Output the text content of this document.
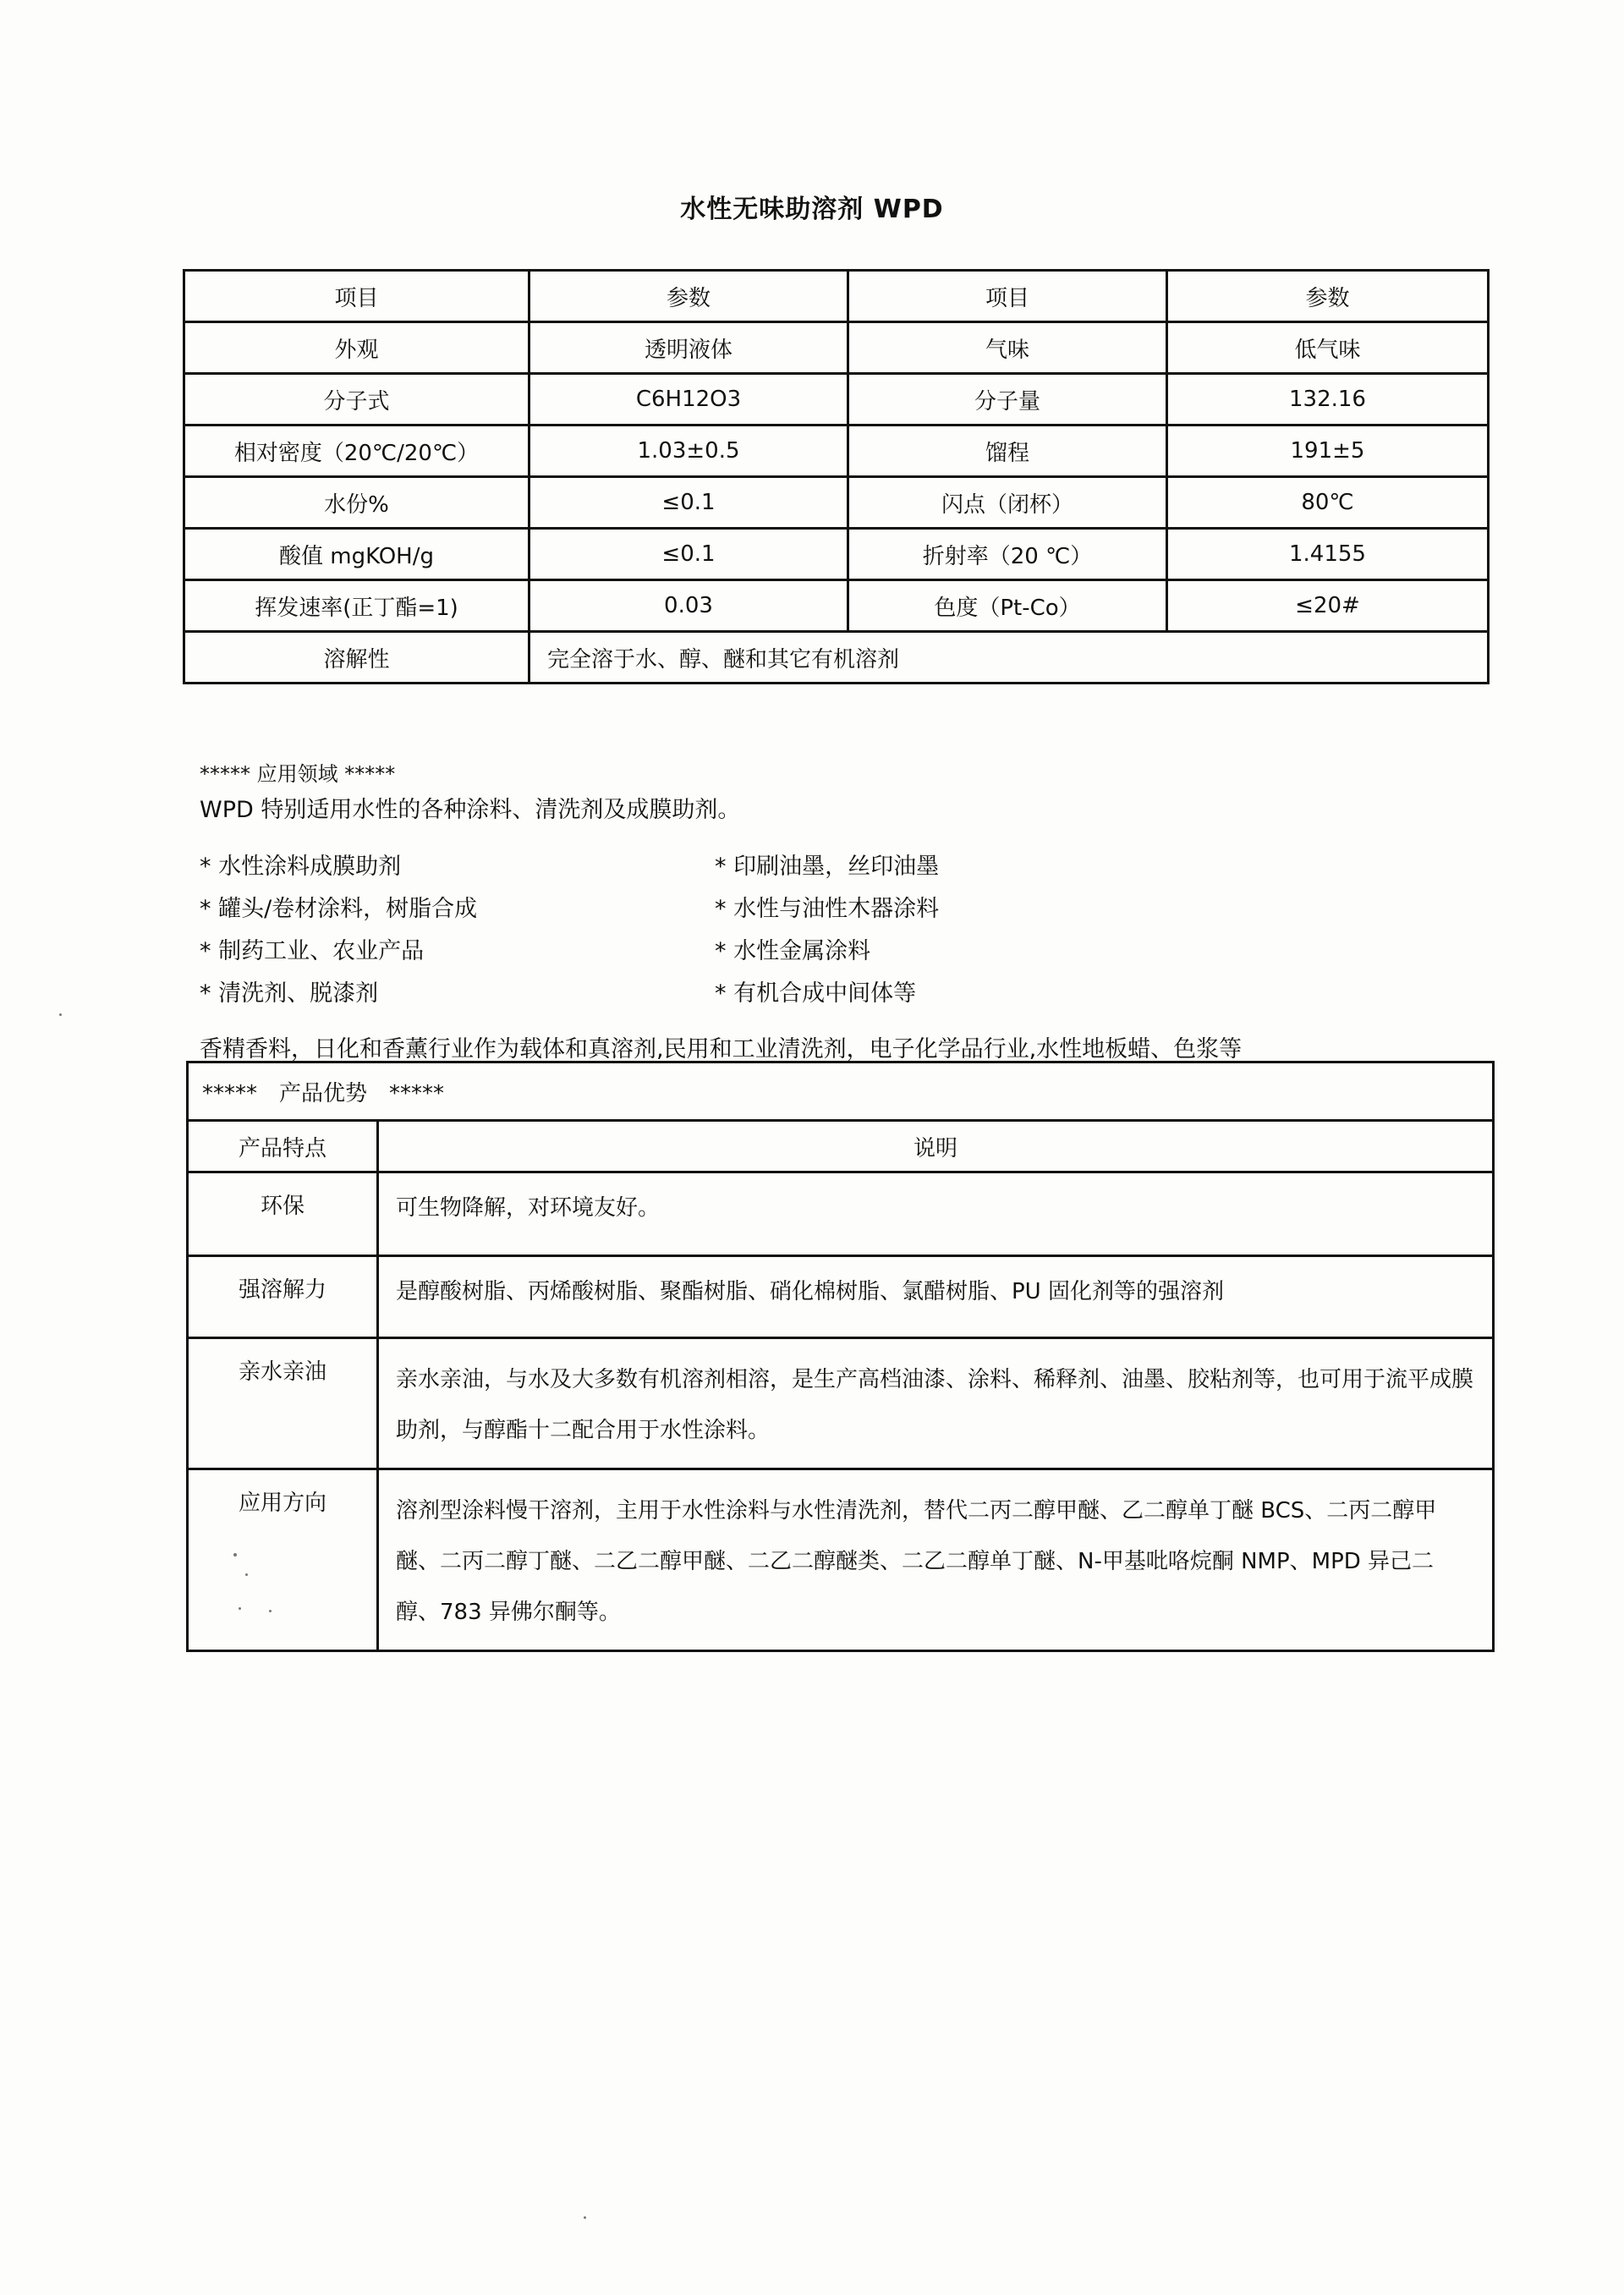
水性无味助溶剂 WPD
项目	参数	项目	参数
外观	透明液体	气味	低气味
分子式	C6H12O3	分子量	132.16
相对密度（20℃/20℃）	1.03±0.5	馏程	191±5
水份%	≤0.1	闪点（闭杯）	80℃
酸值 mgKOH/g	≤0.1	折射率（20 ℃）	1.4155
挥发速率(正丁酯=1)	0.03	色度（Pt-Co）	≤20#
溶解性	完全溶于水、醇、醚和其它有机溶剂		
***** 应用领域 *****
WPD 特别适用水性的各种涂料、清洗剂及成膜助剂。
* 水性涂料成膜助剂
* 罐头/卷材涂料，树脂合成
* 制药工业、农业产品
* 清洗剂、脱漆剂
* 印刷油墨，丝印油墨
* 水性与油性木器涂料
* 水性金属涂料
* 有机合成中间体等
香精香料，日化和香薰行业作为载体和真溶剂,民用和工业清洗剂，电子化学品行业,水性地板蜡、色浆等
*****　产品优势　*****	
产品特点	说明
环保	可生物降解，对环境友好。
强溶解力	是醇酸树脂、丙烯酸树脂、聚酯树脂、硝化棉树脂、氯醋树脂、PU 固化剂等的强溶剂
亲水亲油	亲水亲油，与水及大多数有机溶剂相溶，是生产高档油漆、涂料、稀释剂、油墨、胶粘剂等，也可用于流平成膜助剂，与醇酯十二配合用于水性涂料。
应用方向	溶剂型涂料慢干溶剂，主用于水性涂料与水性清洗剂，替代二丙二醇甲醚、乙二醇单丁醚 BCS、二丙二醇甲醚、二丙二醇丁醚、二乙二醇甲醚、二乙二醇醚类、二乙二醇单丁醚、N-甲基吡咯烷酮 NMP、MPD 异己二醇、783 异佛尔酮等。
